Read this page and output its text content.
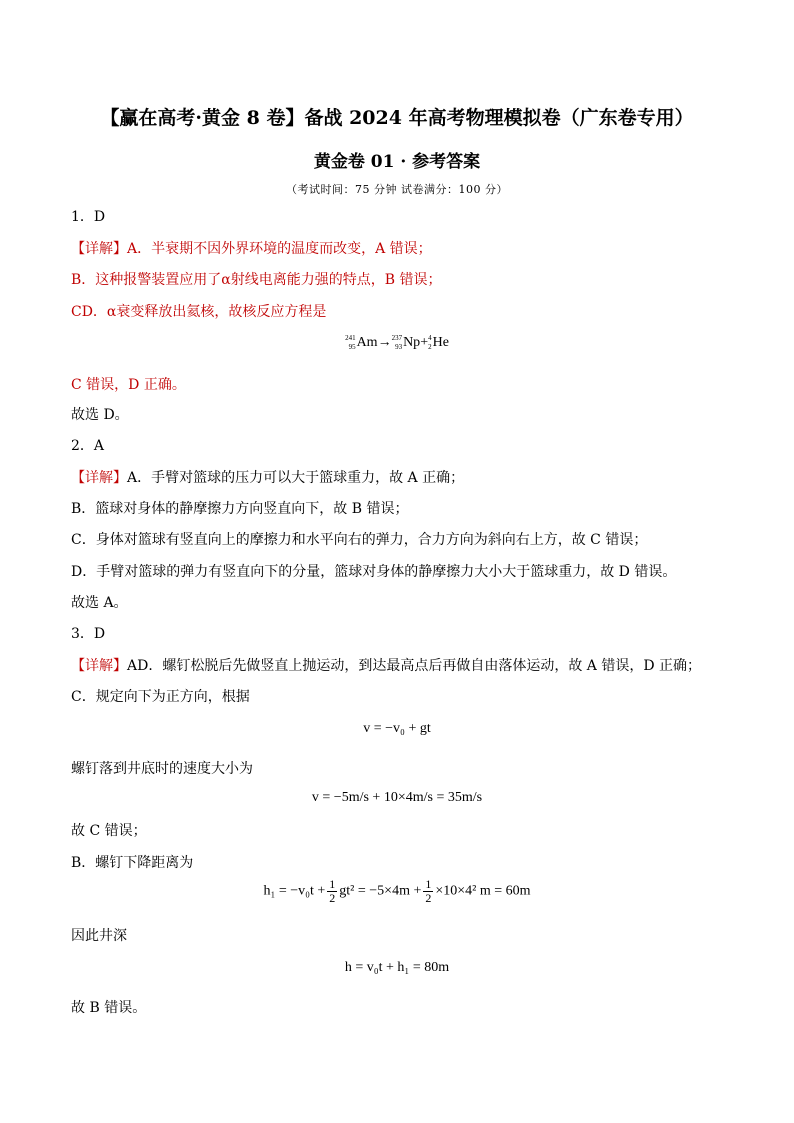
【赢在高考·黄金 8 卷】备战 2024 年高考物理模拟卷（广东卷专用）
黄金卷 01 · 参考答案
（考试时间：75 分钟 试卷满分：100 分）
1．D
【详解】A．半衰期不因外界环境的温度而改变，A 错误；
B．这种报警装置应用了α射线电离能力强的特点，B 错误；
CD．α衰变释放出氦核，故核反应方程是
241
95Am→237
93Np+4
2He
C 错误，D 正确。
故选 D。
2．A
【详解】A．手臂对篮球的压力可以大于篮球重力，故 A 正确；
B．篮球对身体的静摩擦力方向竖直向下，故 B 错误；
C．身体对篮球有竖直向上的摩擦力和水平向右的弹力，合力方向为斜向右上方，故 C 错误；
D．手臂对篮球的弹力有竖直向下的分量，篮球对身体的静摩擦力大小大于篮球重力，故 D 错误。
故选 A。
3．D
【详解】AD．螺钉松脱后先做竖直上抛运动，到达最高点后再做自由落体运动，故 A 错误，D 正确；
C．规定向下为正方向，根据
v = −v₀ + gt
螺钉落到井底时的速度大小为
v = −5m/s + 10×4m/s = 35m/s
故 C 错误；
B．螺钉下降距离为
$h_1 = -v_0t + \frac{1}{2} gt^2 = -5\times 4m + \frac{1}{2} \times 10\times 4^2$ m = 60m
因此井深
h = v₀t + h₁ = 80m
故 B 错误。
